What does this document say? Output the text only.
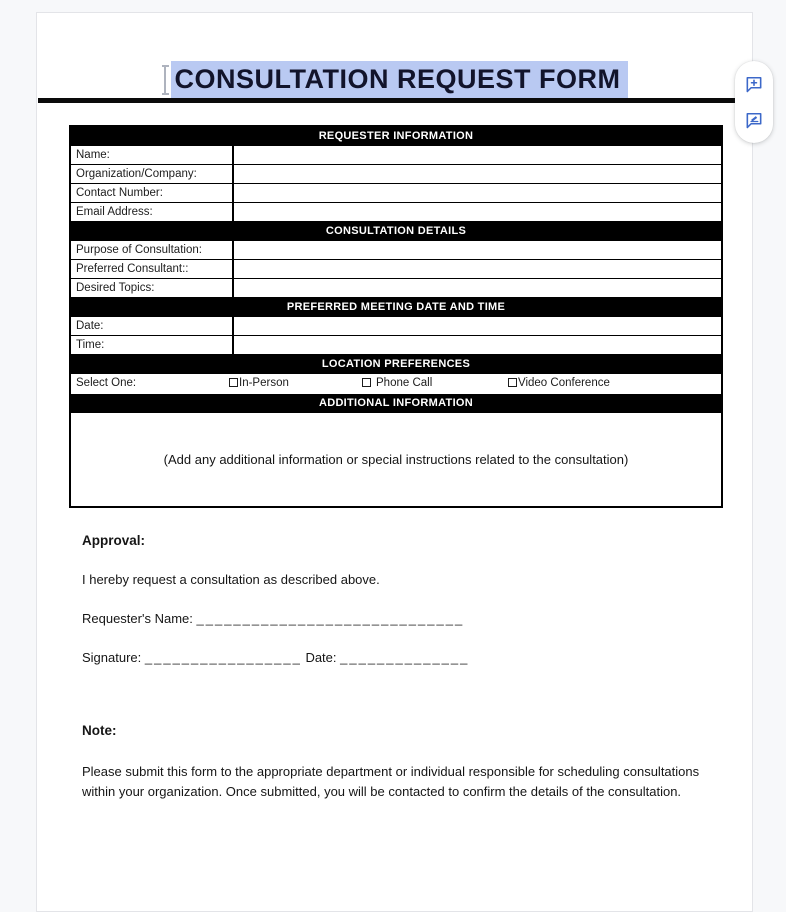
CONSULTATION REQUEST FORM
REQUESTER INFORMATION
Name:
Organization/Company:
Contact Number:
Email Address:
CONSULTATION DETAILS
Purpose of Consultation:
Preferred Consultant::
Desired Topics:
PREFERRED MEETING DATE AND TIME
Date:
Time:
LOCATION PREFERENCES
Select One:	In-Person	Phone Call	Video Conference
ADDITIONAL INFORMATION
(Add any additional information or special instructions related to the consultation)
Approval:
I hereby request a consultation as described above.
Requester's Name: _____________________________
Signature: _________________ Date: ______________
Note:
Please submit this form to the appropriate department or individual responsible for scheduling consultations within your organization. Once submitted, you will be contacted to confirm the details of the consultation.
